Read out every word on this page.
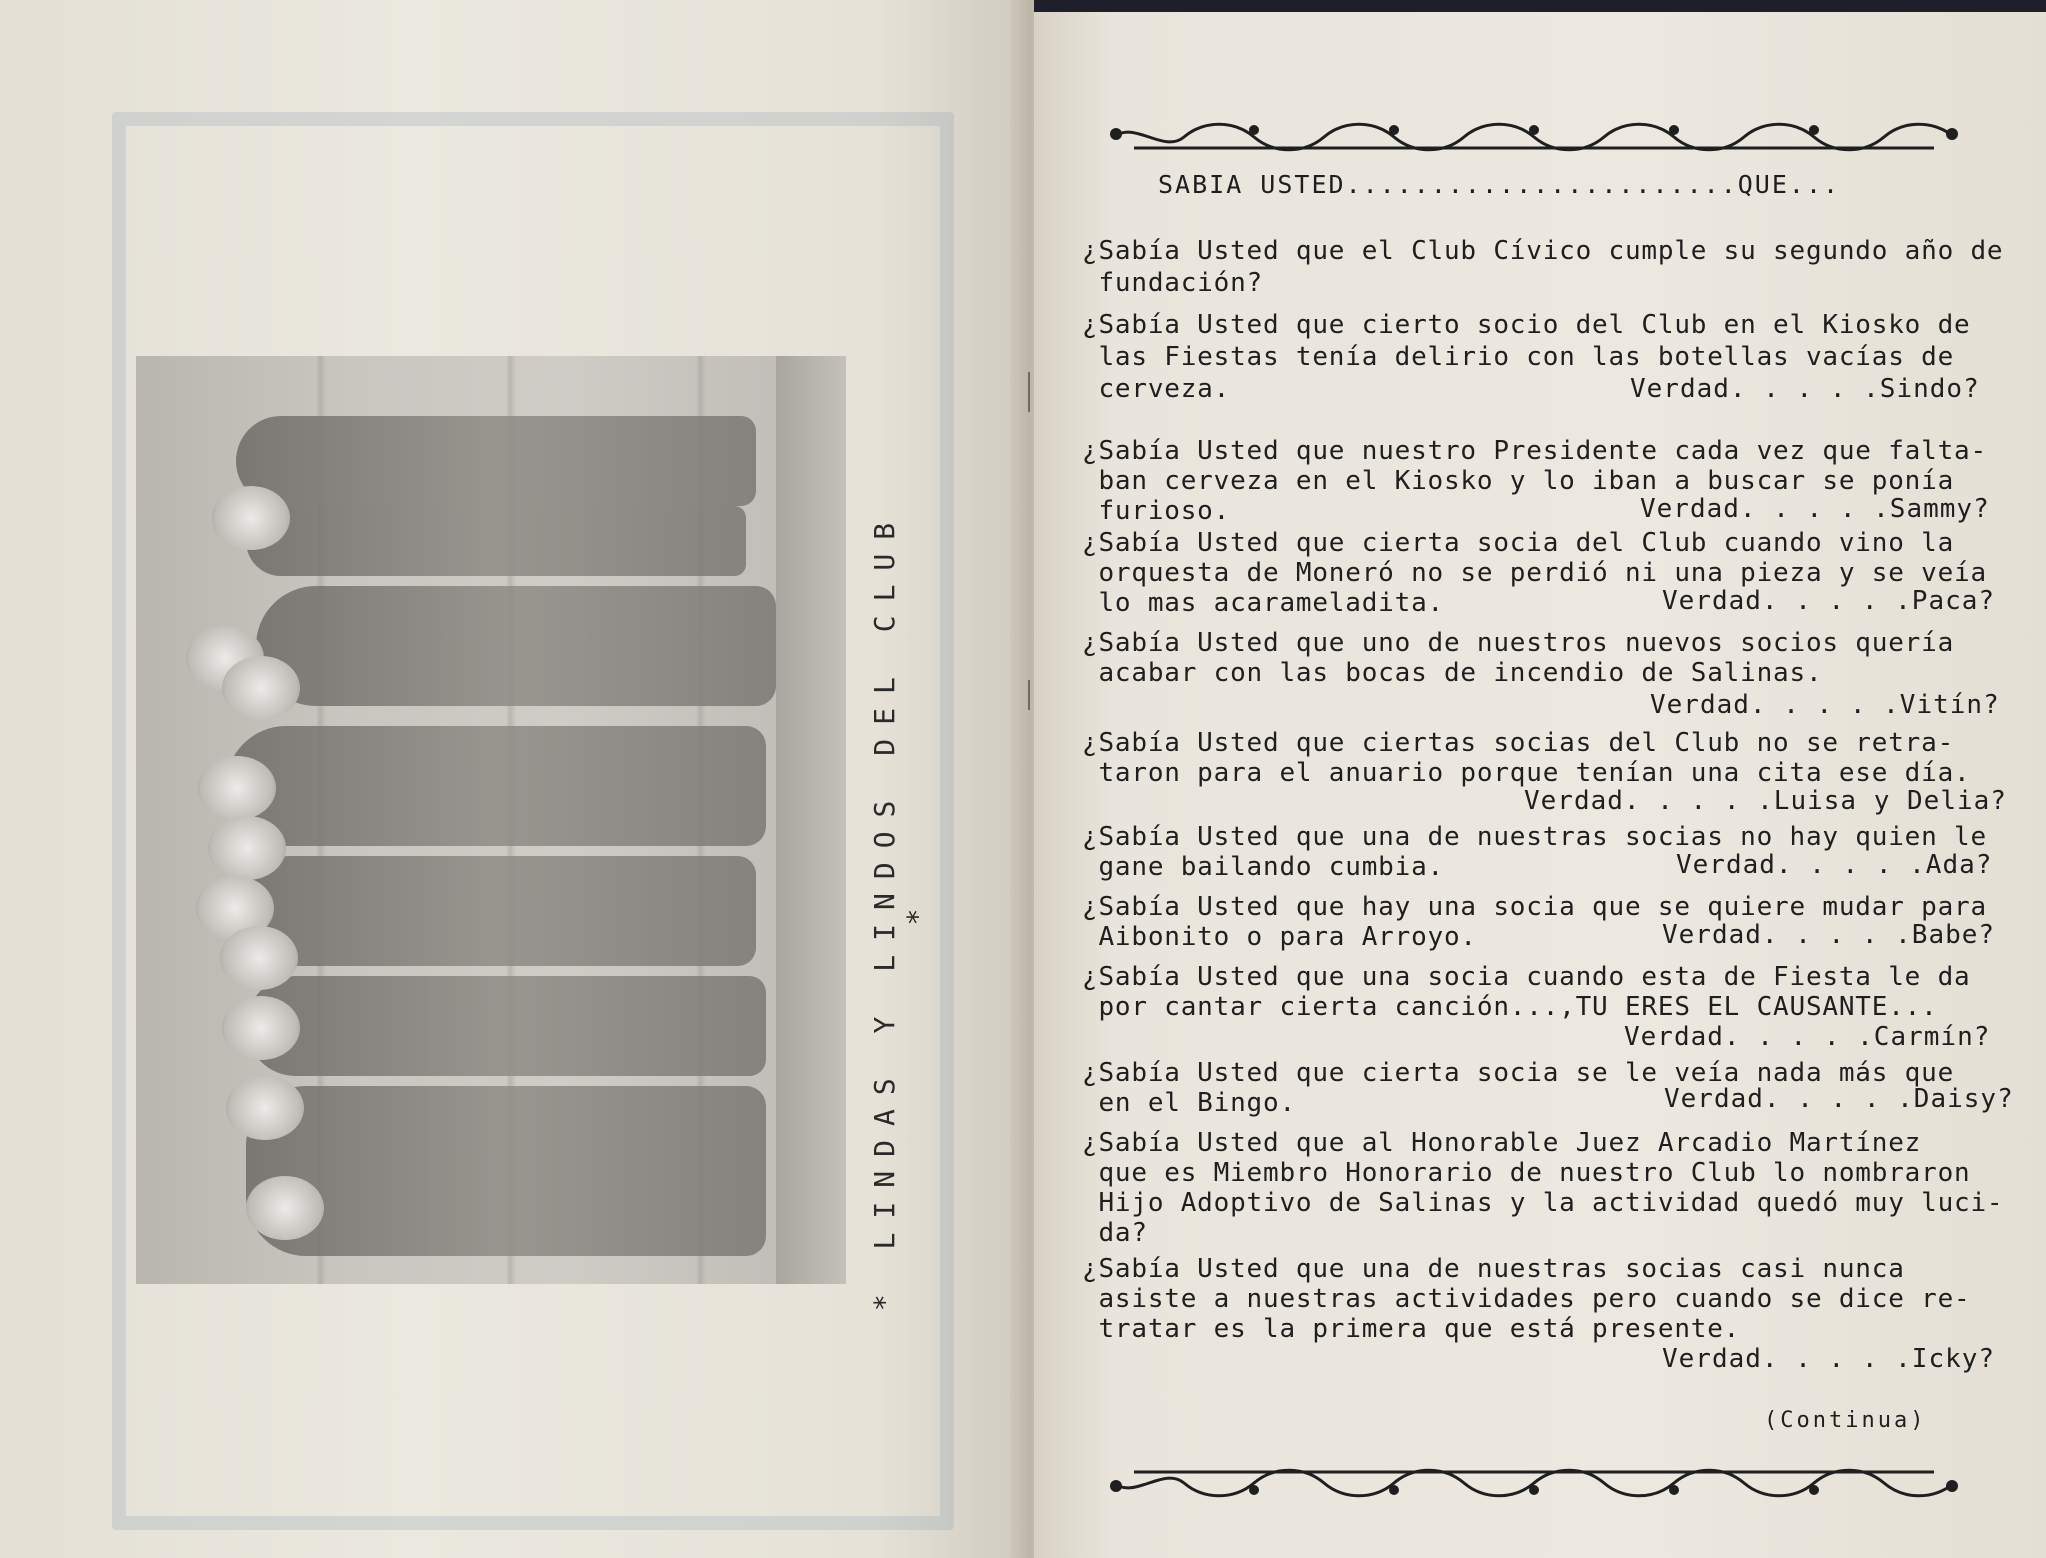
* LINDAS Y LINDOS DEL CLUB *
SABIA USTED.......................QUE...
¿Sabía Usted que el Club Cívico cumple su segundo año de
fundación?
¿Sabía Usted que cierto socio del Club en el Kiosko de
las Fiestas tenía delirio con las botellas vacías de
cerveza.	Verdad. . . . .Sindo?
¿Sabía Usted que nuestro Presidente cada vez que falta-
ban cerveza en el Kiosko y lo iban a buscar se ponía
furioso.	Verdad. . . . .Sammy?
¿Sabía Usted que cierta socia del Club cuando vino la
orquesta de Moneró no se perdió ni una pieza y se veía
lo mas acarameladita.	Verdad. . . . .Paca?
¿Sabía Usted que uno de nuestros nuevos socios quería
acabar con las bocas de incendio de Salinas.
Verdad. . . . .Vitín?
¿Sabía Usted que ciertas socias del Club no se retra-
taron para el anuario porque tenían una cita ese día.
Verdad. . . . .Luisa y Delia?
¿Sabía Usted que una de nuestras socias no hay quien le
gane bailando cumbia.	Verdad. . . . .Ada?
¿Sabía Usted que hay una socia que se quiere mudar para
Aibonito o para Arroyo.	Verdad. . . . .Babe?
¿Sabía Usted que una socia cuando esta de Fiesta le da
por cantar cierta canción...,TU ERES EL CAUSANTE...
Verdad. . . . .Carmín?
¿Sabía Usted que cierta socia se le veía nada más que
en el Bingo.	Verdad. . . . .Daisy?
¿Sabía Usted que al Honorable Juez Arcadio Martínez
que es Miembro Honorario de nuestro Club lo nombraron
Hijo Adoptivo de Salinas y la actividad quedó muy luci-
da?
¿Sabía Usted que una de nuestras socias casi nunca
asiste a nuestras actividades pero cuando se dice re-
tratar es la primera que está presente.
Verdad. . . . .Icky?
(Continua)
